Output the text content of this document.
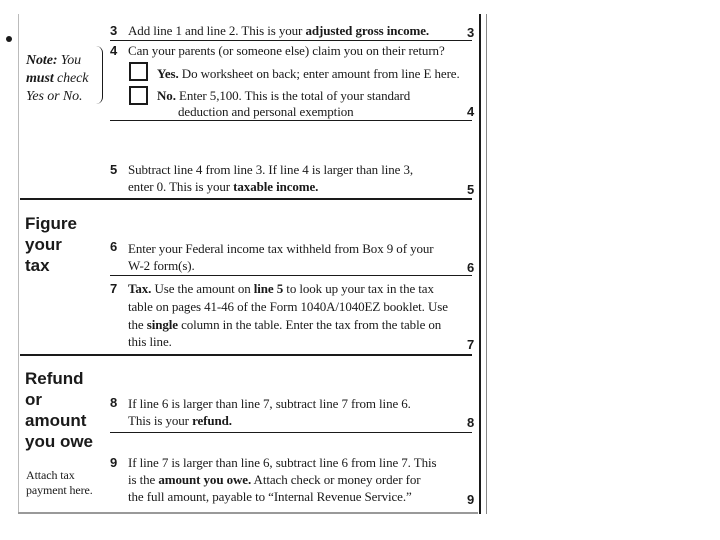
Note: You
must check
Yes or No.
3 Add line 1 and line 2. This is your adjusted gross income.	3
4 Can your parents (or someone else) claim you on their return?
Yes. Do worksheet on back; enter amount from line E here.
No. Enter 5,100. This is the total of your standard
deduction and personal exemption	4
5 Subtract line 4 from line 3. If line 4 is larger than line 3,
enter 0. This is your taxable income.	5
Figure
your
tax
6 Enter your Federal income tax withheld from Box 9 of your
W-2 form(s).	6
7 Tax. Use the amount on line 5 to look up your tax in the tax
table on pages 41-46 of the Form 1040A/1040EZ booklet. Use
the single column in the table. Enter the tax from the table on
this line.	7
Refund
or
amount
you owe
Attach tax
payment here.
8 If line 6 is larger than line 7, subtract line 7 from line 6.
This is your refund.	8
9 If line 7 is larger than line 6, subtract line 6 from line 7. This
is the amount you owe. Attach check or money order for
the full amount, payable to “Internal Revenue Service.”	9
